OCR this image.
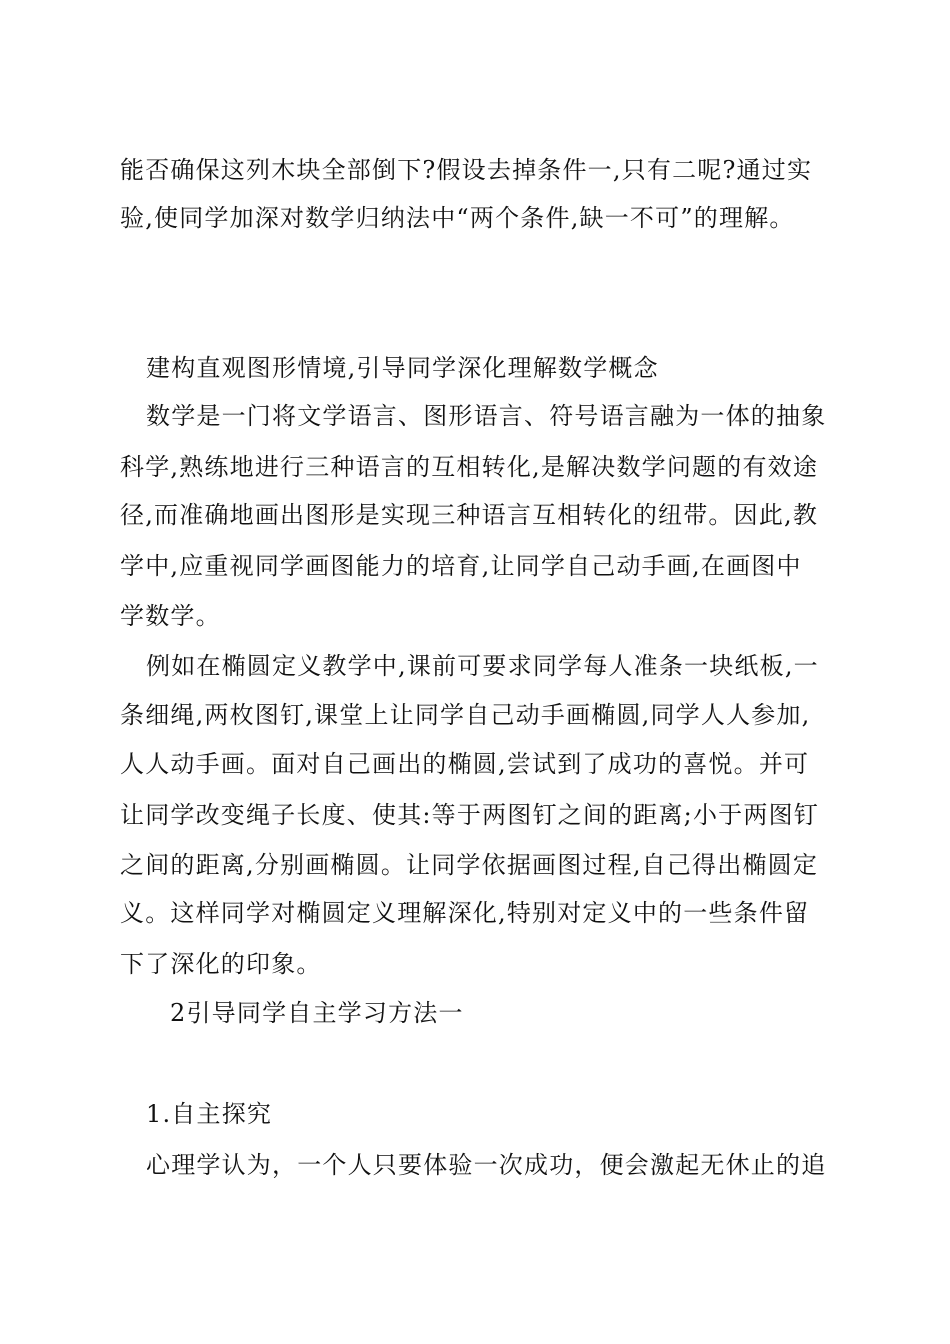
能否确保这列木块全部倒下?假设去掉条件一,只有二呢?通过实
验,使同学加深对数学归纳法中“两个条件,缺一不可”的理解。
建构直观图形情境,引导同学深化理解数学概念
数学是一门将文学语言、图形语言、符号语言融为一体的抽象
科学,熟练地进行三种语言的互相转化,是解决数学问题的有效途
径,而准确地画出图形是实现三种语言互相转化的纽带。因此,教
学中,应重视同学画图能力的培育,让同学自己动手画,在画图中
学数学。
例如在椭圆定义教学中,课前可要求同学每人准条一块纸板,一
条细绳,两枚图钉,课堂上让同学自己动手画椭圆,同学人人参加,
人人动手画。面对自己画出的椭圆,尝试到了成功的喜悦。并可
让同学改变绳子长度、使其:等于两图钉之间的距离;小于两图钉
之间的距离,分别画椭圆。让同学依据画图过程,自己得出椭圆定
义。这样同学对椭圆定义理解深化,特别对定义中的一些条件留
下了深化的印象。
2引导同学自主学习方法一
1.自主探究
心理学认为，一个人只要体验一次成功，便会激起无休止的追
